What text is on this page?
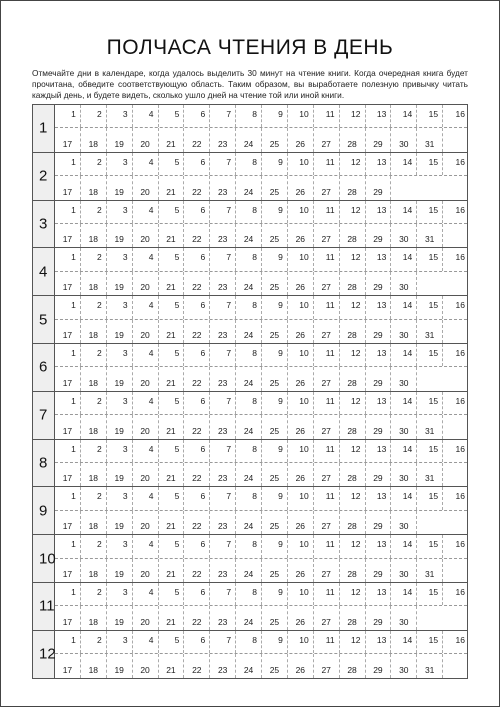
ПОЛЧАСА ЧТЕНИЯ В ДЕНЬ
Отмечайте дни в календаре, когда удалось выделить 30 минут на чтение книги. Когда очередная книга будет прочитана, обведите соответствующую область. Таким образом, вы выработаете полезную привычку читать каждый день, и будете видеть, сколько ушло дней на чтение той или иной книги.
1
1 2 3 4 5 6 7 8 9 10 11 12 13 14 15 16
17	18	19	20	21	22	23	24	25	26	27	28	29	30	31
2
1 2 3 4 5 6 7 8 9 10 11 12 13 14 15 16
17	18	19	20	21	22	23	24	25	26	27	28	29
3
1 2 3 4 5 6 7 8 9 10 11 12 13 14 15 16
17	18	19	20	21	22	23	24	25	26	27	28	29	30	31
4
1 2 3 4 5 6 7 8 9 10 11 12 13 14 15 16
17	18	19	20	21	22	23	24	25	26	27	28	29	30
5
1 2 3 4 5 6 7 8 9 10 11 12 13 14 15 16
17	18	19	20	21	22	23	24	25	26	27	28	29	30	31
6
1 2 3 4 5 6 7 8 9 10 11 12 13 14 15 16
17	18	19	20	21	22	23	24	25	26	27	28	29	30
7
1 2 3 4 5 6 7 8 9 10 11 12 13 14 15 16
17	18	19	20	21	22	23	24	25	26	27	28	29	30	31
8
1 2 3 4 5 6 7 8 9 10 11 12 13 14 15 16
17	18	19	20	21	22	23	24	25	26	27	28	29	30	31
9
1 2 3 4 5 6 7 8 9 10 11 12 13 14 15 16
17	18	19	20	21	22	23	24	25	26	27	28	29	30
10
1 2 3 4 5 6 7 8 9 10 11 12 13 14 15 16
17	18	19	20	21	22	23	24	25	26	27	28	29	30	31
11
1 2 3 4 5 6 7 8 9 10 11 12 13 14 15 16
17	18	19	20	21	22	23	24	25	26	27	28	29	30
12
1 2 3 4 5 6 7 8 9 10 11 12 13 14 15 16
17	18	19	20	21	22	23	24	25	26	27	28	29	30	31
